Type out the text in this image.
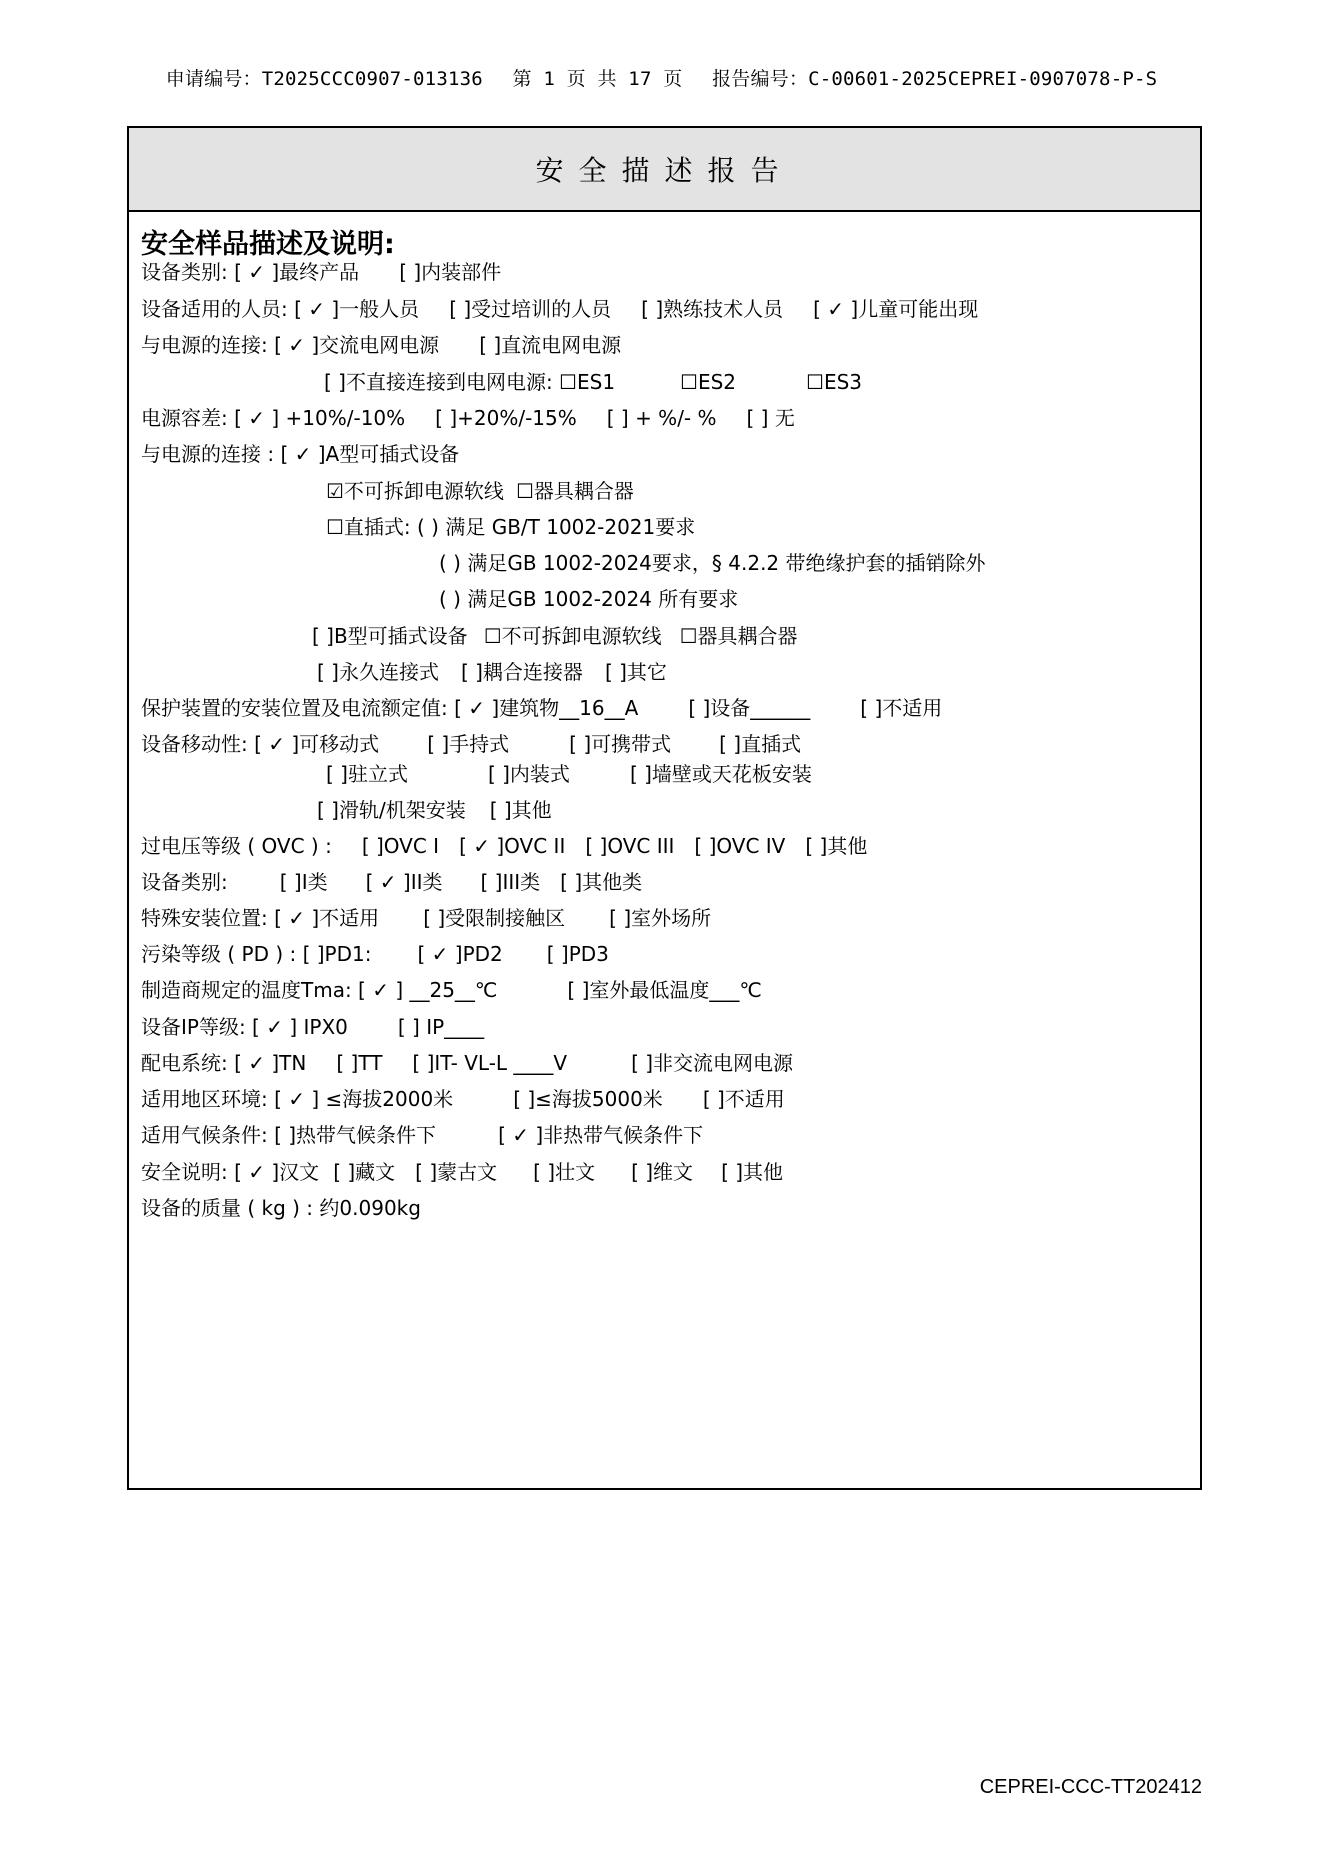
申请编号：T2025CCC0907-013136 第 1 页 共 17 页 报告编号：C-00601-2025CEPREI-0907078-P-S
安全描述报告
安全样品描述及说明:
设备类别: [ ✓ ]最终产品 [ ]内装部件
设备适用的人员: [ ✓ ]一般人员 [ ]受过培训的人员 [ ]熟练技术人员 [ ✓ ]儿童可能出现
与电源的连接: [ ✓ ]交流电网电源 [ ]直流电网电源
[ ]不直接连接到电网电源: ☐ES1	☐ES2	☐ES3
电源容差: [ ✓ ] +10%/-10% [ ]+20%/-15% [ ] + %/- % [ ] 无
与电源的连接 : [ ✓ ]A型可插式设备
☑不可拆卸电源软线 ☐器具耦合器
☐直插式: ( ) 满足 GB/T 1002-2021要求
( ) 满足GB 1002-2024要求，§ 4.2.2 带绝缘护套的插销除外
( ) 满足GB 1002-2024 所有要求
[ ]B型可插式设备 ☐不可拆卸电源软线 ☐器具耦合器
[ ]永久连接式 [ ]耦合连接器 [ ]其它
保护装置的安装位置及电流额定值: [ ✓ ]建筑物__16__A	[ ]设备______	[ ]不适用
设备移动性: [ ✓ ]可移动式 [ ]手持式	[ ]可携带式 [ ]直插式
[ ]驻立式	[ ]内装式	[ ]墙壁或天花板安装
[ ]滑轨/机架安装 [ ]其他
过电压等级 ( OVC ) : [ ]OVC I [ ✓ ]OVC II [ ]OVC III [ ]OVC IV [ ]其他
设备类别:	[ ]I类 [ ✓ ]II类 [ ]III类 [ ]其他类
特殊安装位置: [ ✓ ]不适用 [ ]受限制接触区 [ ]室外场所
污染等级 ( PD ) : [ ]PD1: [ ✓ ]PD2 [ ]PD3
制造商规定的温度Tma: [ ✓ ] __25__℃	[ ]室外最低温度___℃
设备IP等级: [ ✓ ] IPX0	[ ] IP____
配电系统: [ ✓ ]TN [ ]TT [ ]IT- VL-L ____V	[ ]非交流电网电源
适用地区环境: [ ✓ ] ≤海拔2000米	[ ]≤海拔5000米 [ ]不适用
适用气候条件: [ ]热带气候条件下	[ ✓ ]非热带气候条件下
安全说明: [ ✓ ]汉文 [ ]藏文 [ ]蒙古文 [ ]壮文 [ ]维文 [ ]其他
设备的质量 ( kg ) : 约0.090kg
CEPREI-CCC-TT202412
